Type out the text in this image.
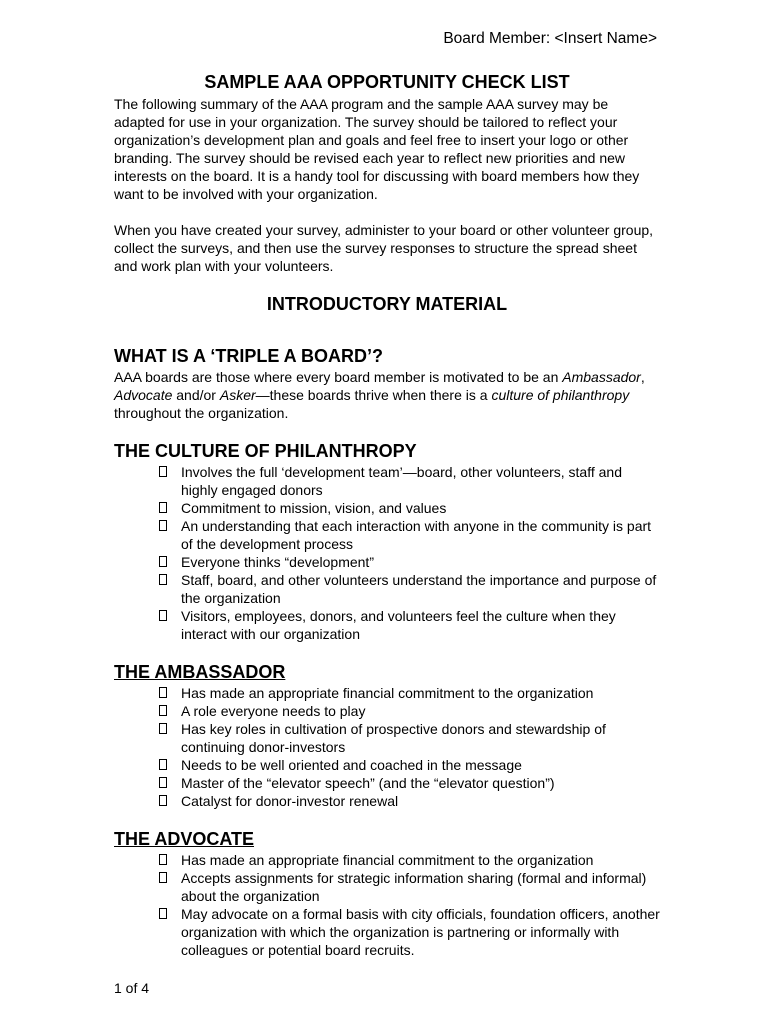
Board Member: <Insert Name>
SAMPLE AAA OPPORTUNITY CHECK LIST

The following summary of the AAA program and the sample AAA survey may be adapted for use in your organization. The survey should be tailored to reflect your organization’s development plan and goals and feel free to insert your logo or other branding. The survey should be revised each year to reflect new priorities and new interests on the board. It is a handy tool for discussing with board members how they want to be involved with your organization.

When you have created your survey, administer to your board or other volunteer group, collect the surveys, and then use the survey responses to structure the spread sheet and work plan with your volunteers.

INTRODUCTORY MATERIAL
WHAT IS A ‘TRIPLE A BOARD’?

AAA boards are those where every board member is motivated to be an Ambassador, Advocate and/or Asker—these boards thrive when there is a culture of philanthropy throughout the organization.

THE CULTURE OF PHILANTHROPY
Involves the full ‘development team’—board, other volunteers, staff and highly engaged donors
Commitment to mission, vision, and values
An understanding that each interaction with anyone in the community is part of the development process
Everyone thinks “development”
Staff, board, and other volunteers understand the importance and purpose of the organization
Visitors, employees, donors, and volunteers feel the culture when they interact with our organization
THE AMBASSADOR
Has made an appropriate financial commitment to the organization
A role everyone needs to play
Has key roles in cultivation of prospective donors and stewardship of continuing donor-investors
Needs to be well oriented and coached in the message
Master of the “elevator speech” (and the “elevator question”)
Catalyst for donor-investor renewal
THE ADVOCATE
Has made an appropriate financial commitment to the organization
Accepts assignments for strategic information sharing (formal and informal) about the organization
May advocate on a formal basis with city officials, foundation officers, another organization with which the organization is partnering or informally with colleagues or potential board recruits.
1 of 4
